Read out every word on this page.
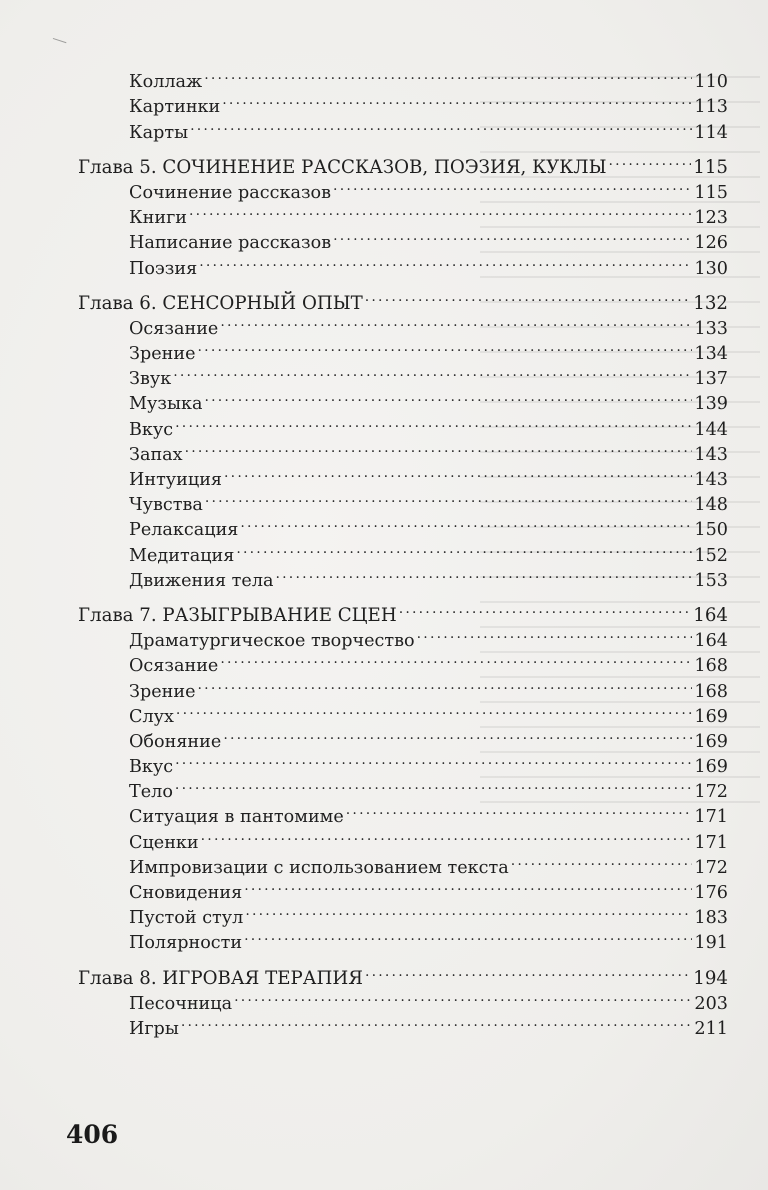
Коллаж .....	110
Картинки .....	113
Карты .....	114
Глава 5. СОЧИНЕНИЕ РАССКАЗОВ, ПОЭЗИЯ, КУКЛЫ .....	115
Сочинение рассказов .....	115
Книги .....	123
Написание рассказов .....	126
Поэзия .....	130
Глава 6. СЕНСОРНЫЙ ОПЫТ .....	132
Осязание .....	133
Зрение .....	134
Звук .....	137
Музыка .....	139
Вкус .....	144
Запах .....	143
Интуиция .....	143
Чувства .....	148
Релаксация .....	150
Медитация .....	152
Движения тела .....	153
Глава 7. РАЗЫГРЫВАНИЕ СЦЕН .....	164
Драматургическое творчество .....	164
Осязание .....	168
Зрение .....	168
Слух .....	169
Обоняние .....	169
Вкус .....	169
Тело .....	172
Ситуация в пантомиме .....	171
Сценки .....	171
Импровизации с использованием текста .....	172
Сновидения .....	176
Пустой стул .....	183
Полярности .....	191
Глава 8. ИГРОВАЯ ТЕРАПИЯ .....	194
Песочница .....	203
Игры .....	211
406
